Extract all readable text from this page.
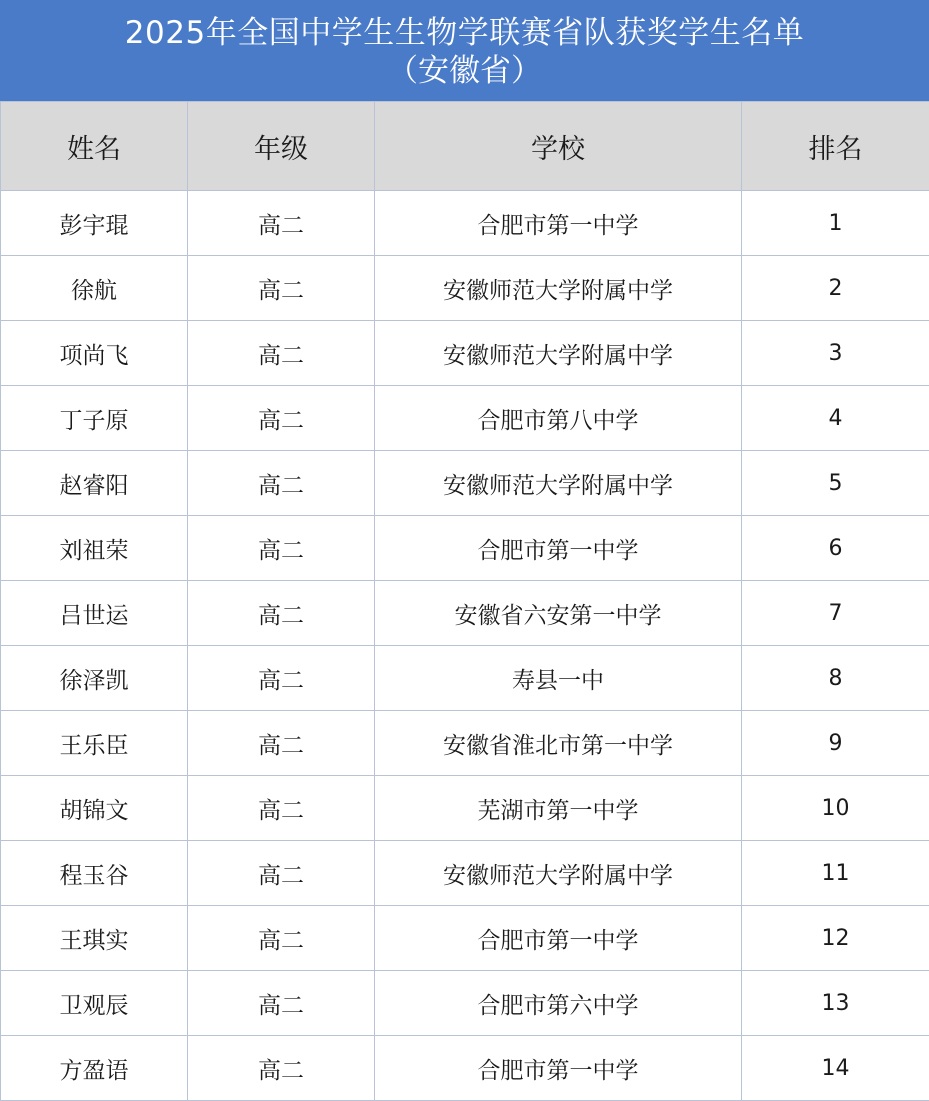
2025年全国中学生生物学联赛省队获奖学生名单
（安徽省）
姓名	年级	学校	排名
彭宇琨	高二	合肥市第一中学	1
徐航	高二	安徽师范大学附属中学	2
项尚飞	高二	安徽师范大学附属中学	3
丁子原	高二	合肥市第八中学	4
赵睿阳	高二	安徽师范大学附属中学	5
刘祖荣	高二	合肥市第一中学	6
吕世运	高二	安徽省六安第一中学	7
徐泽凯	高二	寿县一中	8
王乐臣	高二	安徽省淮北市第一中学	9
胡锦文	高二	芜湖市第一中学	10
程玉谷	高二	安徽师范大学附属中学	11
王琪实	高二	合肥市第一中学	12
卫观辰	高二	合肥市第六中学	13
方盈语	高二	合肥市第一中学	14
